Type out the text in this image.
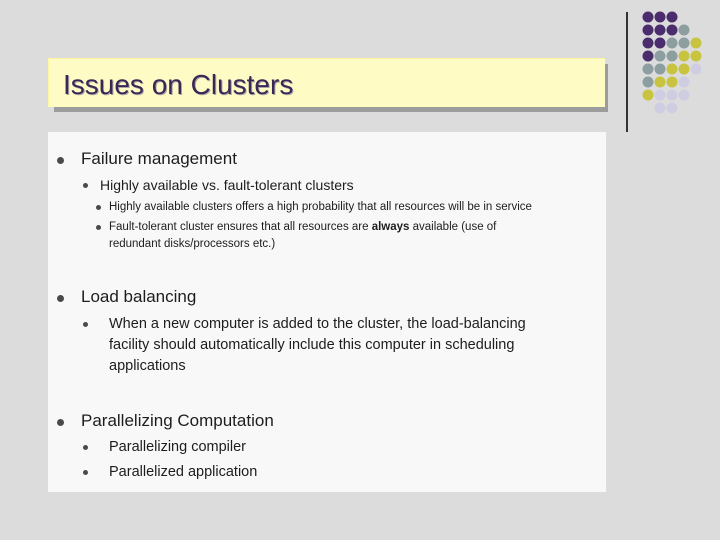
Issues on Clusters
Failure management
Highly available vs. fault-tolerant clusters
Highly available clusters offers a high probability that all resources will be in service
Fault-tolerant cluster ensures that all resources are always available (use of
redundant disks/processors etc.)
Load balancing
When a new computer is added to the cluster, the load-balancing
facility should automatically include this computer in scheduling
applications
Parallelizing Computation
Parallelizing compiler
Parallelized application
